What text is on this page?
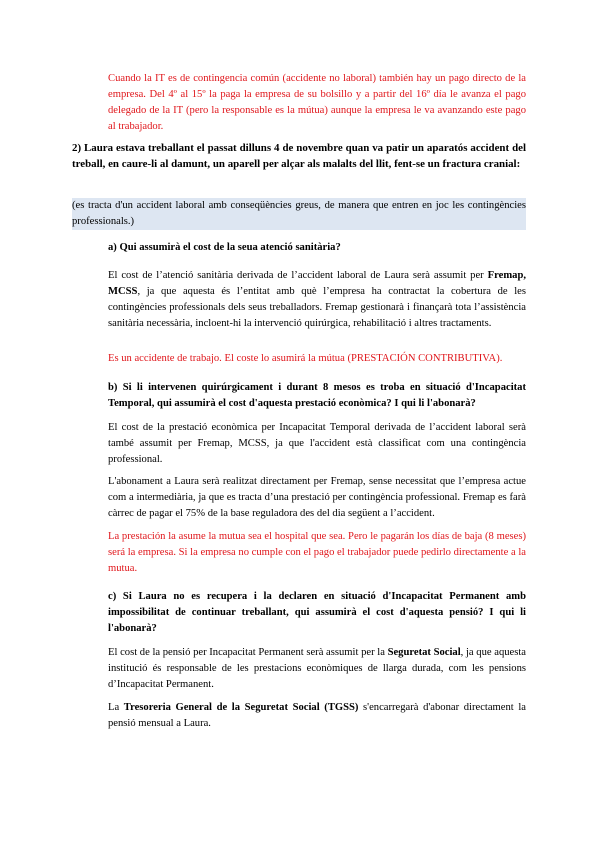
Cuando la IT es de contingencia común (accidente no laboral) también hay un pago directo de la empresa. Del 4º al 15º la paga la empresa de su bolsillo y a partir del 16º día le avanza el pago delegado de la IT (pero la responsable es la mútua) aunque la empresa le va avanzando este pago al trabajador.

2) Laura estava treballant el passat dilluns 4 de novembre quan va patir un aparatós accident del treball, en caure-li al damunt, un aparell per alçar als malalts del llit, fent-se un fractura cranial:

(es tracta d'un accident laboral amb conseqüències greus, de manera que entren en joc les contingències professionals.)

a) Qui assumirà el cost de la seua atenció sanitària?

El cost de l’atenció sanitària derivada de l’accident laboral de Laura serà assumit per Fremap, MCSS, ja que aquesta és l’entitat amb què l’empresa ha contractat la cobertura de les contingències professionals dels seus treballadors. Fremap gestionarà i finançarà tota l’assistència sanitària necessària, incloent-hi la intervenció quirúrgica, rehabilitació i altres tractaments.

Es un accidente de trabajo. El coste lo asumirá la mútua (PRESTACIÓN CONTRIBUTIVA).

b) Si li intervenen quirúrgicament i durant 8 mesos es troba en situació d'Incapacitat Temporal, qui assumirà el cost d'aquesta prestació econòmica? I qui li l'abonarà?

El cost de la prestació econòmica per Incapacitat Temporal derivada de l’accident laboral serà també assumit per Fremap, MCSS, ja que l'accident està classificat com una contingència professional.

L'abonament a Laura serà realitzat directament per Fremap, sense necessitat que l’empresa actue com a intermediària, ja que es tracta d’una prestació per contingència professional. Fremap es farà càrrec de pagar el 75% de la base reguladora des del dia següent a l’accident.

La prestación la asume la mutua sea el hospital que sea. Pero le pagarán los días de baja (8 meses) será la empresa. Si la empresa no cumple con el pago el trabajador puede pedirlo directamente a la mutua.

c) Si Laura no es recupera i la declaren en situació d'Incapacitat Permanent amb impossibilitat de continuar treballant, qui assumirà el cost d'aquesta pensió? I qui li l'abonarà?

El cost de la pensió per Incapacitat Permanent serà assumit per la Seguretat Social, ja que aquesta institució és responsable de les prestacions econòmiques de llarga durada, com les pensions d’Incapacitat Permanent.

La Tresoreria General de la Seguretat Social (TGSS) s'encarregarà d'abonar directament la pensió mensual a Laura.
